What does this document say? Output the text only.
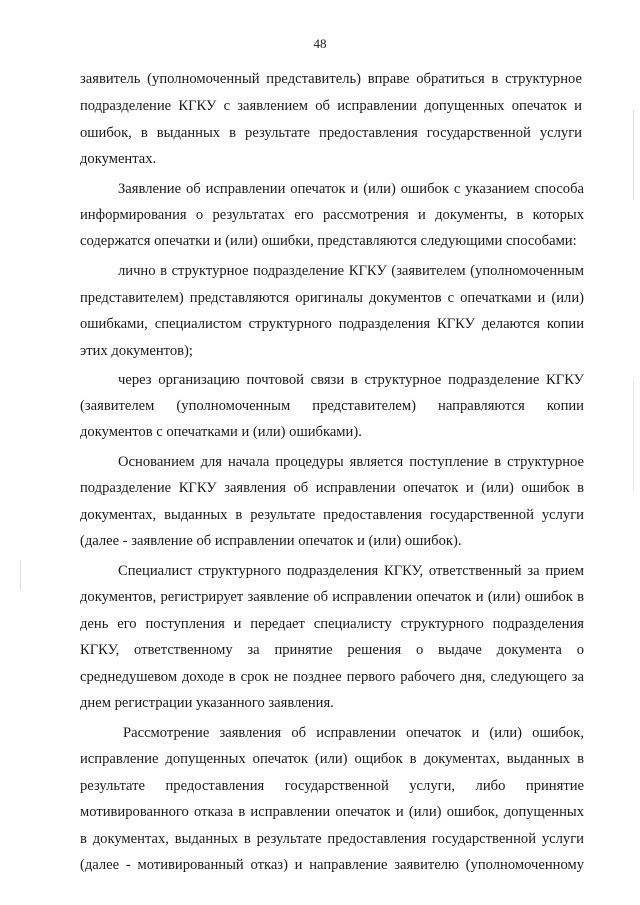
48
заявитель (уполномоченный представитель) вправе обратиться в структурное
подразделение КГКУ с заявлением об исправлении допущенных опечаток и
ошибок, в выданных в результате предоставления государственной услуги
документах.
Заявление об исправлении опечаток и (или) ошибок с указанием способа
информирования о результатах его рассмотрения и документы, в которых
содержатся опечатки и (или) ошибки, представляются следующими способами:
лично в структурное подразделение КГКУ (заявителем (уполномоченным
представителем) представляются оригиналы документов с опечатками и (или)
ошибками, специалистом структурного подразделения КГКУ делаются копии
этих документов);
через организацию почтовой связи в структурное подразделение КГКУ
(заявителем (уполномоченным представителем) направляются копии
документов с опечатками и (или) ошибками).
Основанием для начала процедуры является поступление в структурное
подразделение КГКУ заявления об исправлении опечаток и (или) ошибок в
документах, выданных в результате предоставления государственной услуги
(далее - заявление об исправлении опечаток и (или) ошибок).
Специалист структурного подразделения КГКУ, ответственный за прием
документов, регистрирует заявление об исправлении опечаток и (или) ошибок в
день его поступления и передает специалисту структурного подразделения
КГКУ, ответственному за принятие решения о выдаче документа о
среднедушевом доходе в срок не позднее первого рабочего дня, следующего за
днем регистрации указанного заявления.
Рассмотрение заявления об исправлении опечаток и (или) ошибок,
исправление допущенных опечаток (или) ощибок в документах, выданных в
результате предоставления государственной услуги, либо принятие
мотивированного отказа в исправлении опечаток и (или) ошибок, допущенных
в документах, выданных в результате предоставления государственной услуги
(далее - мотивированный отказ) и направление заявителю (уполномоченному
